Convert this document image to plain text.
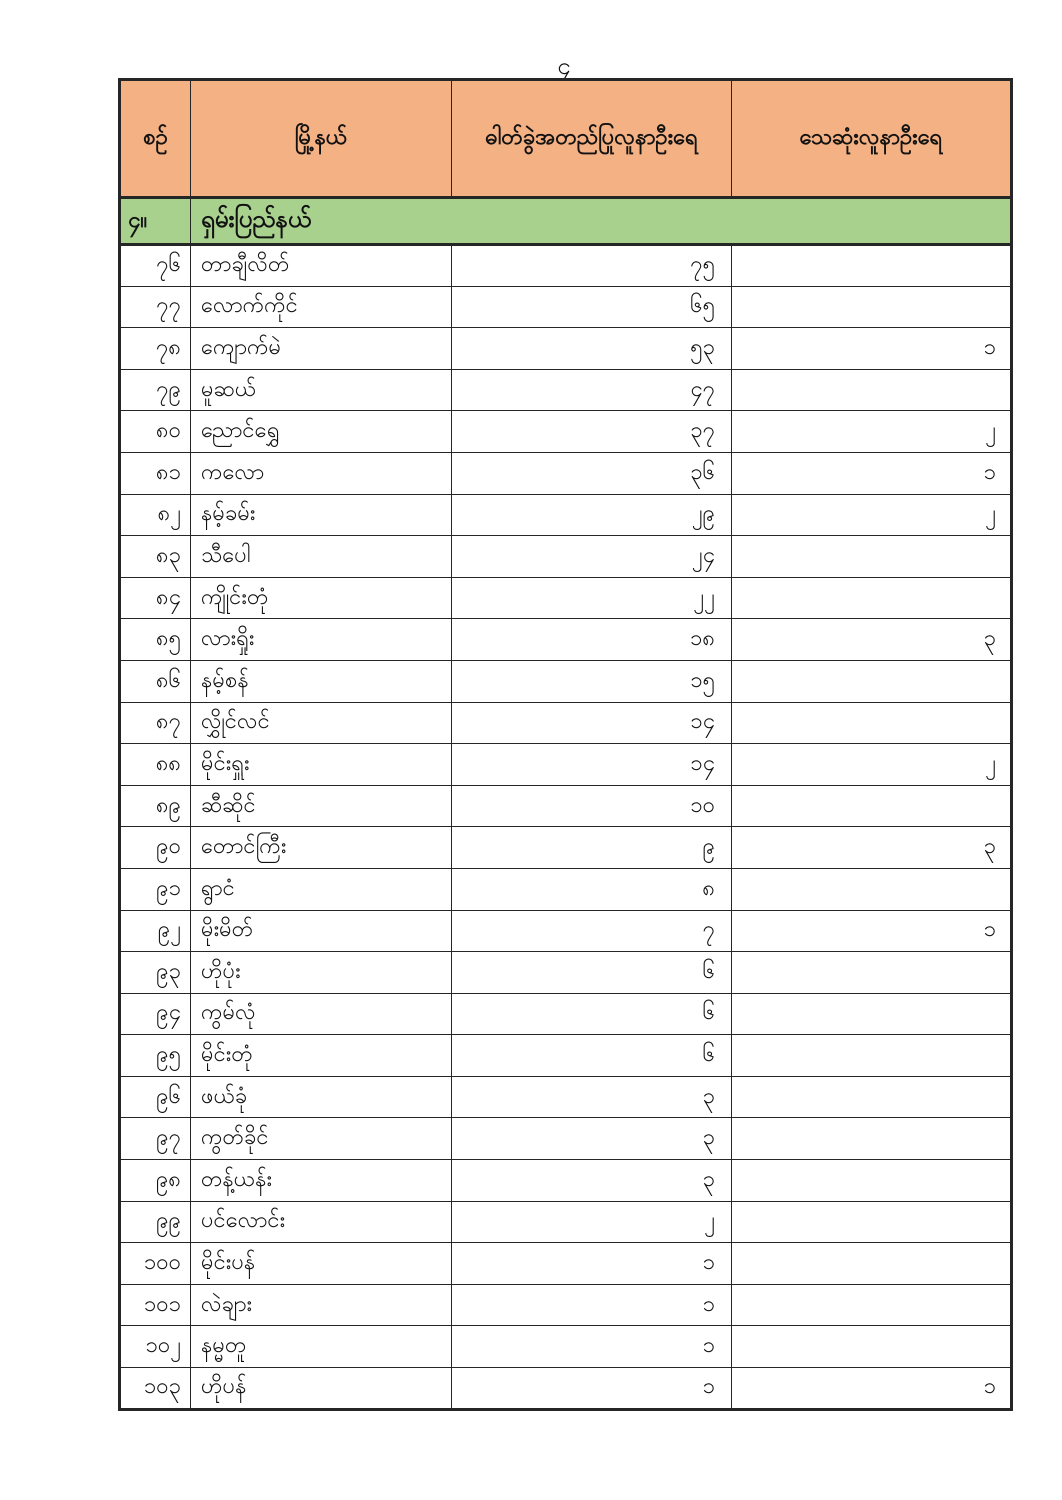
၄
စဉ်	မြို့နယ်	ဓါတ်ခွဲအတည်ပြုလူနာဦးရေ	သေဆုံးလူနာဦးရေ
၄။	ရှမ်းပြည်နယ်		
၇၆	တာချီလိတ်	၇၅	
၇၇	လောက်ကိုင်	၆၅	
၇၈	ကျောက်မဲ	၅၃	၁
၇၉	မူဆယ်	၄၇	
၈၀	ညောင်ရွှေ	၃၇	၂
၈၁	ကလော	၃၆	၁
၈၂	နမ့်ခမ်း	၂၉	၂
၈၃	သီပေါ	၂၄	
၈၄	ကျိုင်းတုံ	၂၂	
၈၅	လားရှိုး	၁၈	၃
၈၆	နမ့်စန်	၁၅	
၈၇	လွှိုင်လင်	၁၄	
၈၈	မိုင်းရှူး	၁၄	၂
၈၉	ဆီဆိုင်	၁၀	
၉၀	တောင်ကြီး	၉	၃
၉၁	ရွာငံ	၈	
၉၂	မိုးမိတ်	၇	၁
၉၃	ဟိုပုံး	၆	
၉၄	ကွမ်လုံ	၆	
၉၅	မိုင်းတုံ	၆	
၉၆	ဖယ်ခုံ	၃	
၉၇	ကွတ်ခိုင်	၃	
၉၈	တန့်ယန်း	၃	
၉၉	ပင်လောင်း	၂	
၁၀၀	မိုင်းပန်	၁	
၁၀၁	လဲချား	၁	
၁၀၂	နမ္မတူ	၁	
၁၀၃	ဟိုပန်	၁	၁
